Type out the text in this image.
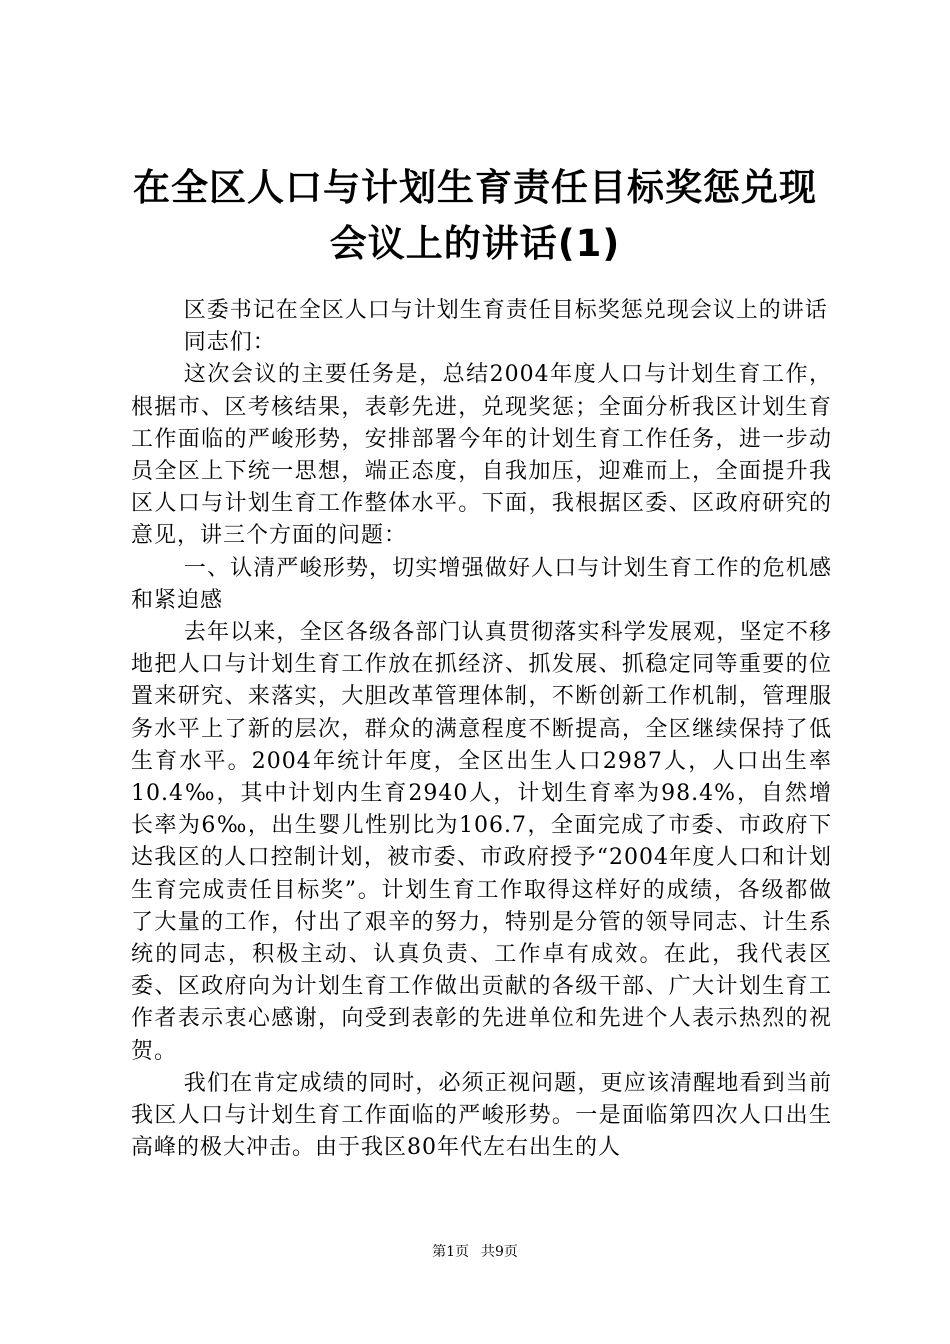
在全区人口与计划生育责任目标奖惩兑现会议上的讲话(1)

区委书记在全区人口与计划生育责任目标奖惩兑现会议上的讲话

同志们：

这次会议的主要任务是，总结2004年度人口与计划生育工作，根据市、区考核结果，表彰先进，兑现奖惩；全面分析我区计划生育工作面临的严峻形势，安排部署今年的计划生育工作任务，进一步动员全区上下统一思想，端正态度，自我加压，迎难而上，全面提升我区人口与计划生育工作整体水平。下面，我根据区委、区政府研究的意见，讲三个方面的问题：

一、认清严峻形势，切实增强做好人口与计划生育工作的危机感和紧迫感

去年以来，全区各级各部门认真贯彻落实科学发展观，坚定不移地把人口与计划生育工作放在抓经济、抓发展、抓稳定同等重要的位置来研究、来落实，大胆改革管理体制，不断创新工作机制，管理服务水平上了新的层次，群众的满意程度不断提高，全区继续保持了低生育水平。2004年统计年度，全区出生人口2987人，人口出生率10.4‰，其中计划内生育2940人，计划生育率为98.4%，自然增长率为6‰，出生婴儿性别比为106.7，全面完成了市委、市政府下达我区的人口控制计划，被市委、市政府授予“2004年度人口和计划生育完成责任目标奖”。计划生育工作取得这样好的成绩，各级都做了大量的工作，付出了艰辛的努力，特别是分管的领导同志、计生系统的同志，积极主动、认真负责、工作卓有成效。在此，我代表区委、区政府向为计划生育工作做出贡献的各级干部、广大计划生育工作者表示衷心感谢，向受到表彰的先进单位和先进个人表示热烈的祝贺。

我们在肯定成绩的同时，必须正视问题，更应该清醒地看到当前我区人口与计划生育工作面临的严峻形势。一是面临第四次人口出生高峰的极大冲击。由于我区80年代左右出生的人

第1页 共9页
